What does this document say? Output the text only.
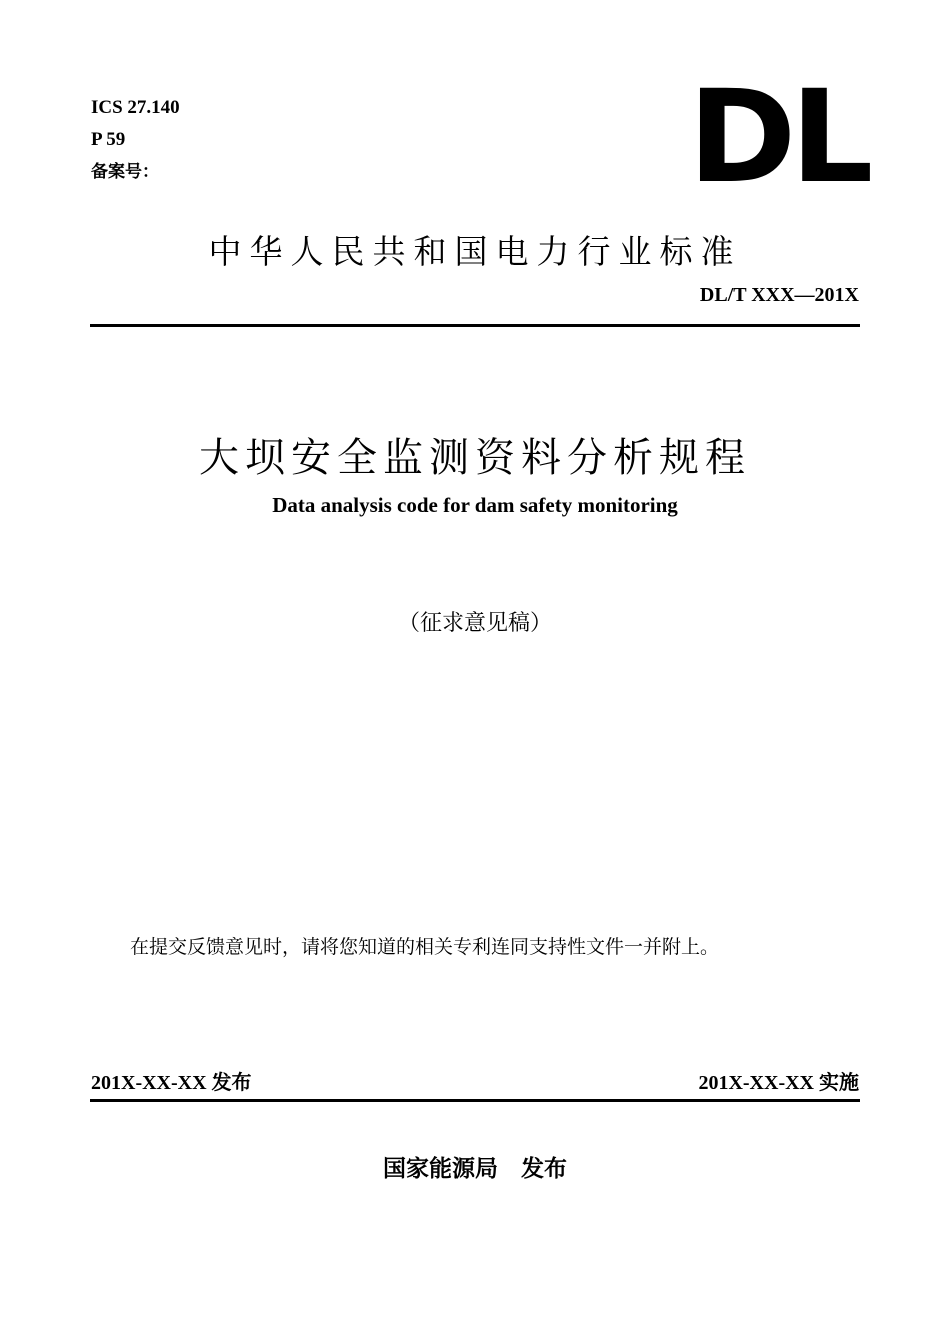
ICS 27.140
P 59
备案号：	DL
中华人民共和国电力行业标准
DL/T XXX—201X
大坝安全监测资料分析规程
Data analysis code for dam safety monitoring
（征求意见稿）
在提交反馈意见时，请将您知道的相关专利连同支持性文件一并附上。
201X-XX-XX 发布	201X-XX-XX 实施
国家能源局　发布
